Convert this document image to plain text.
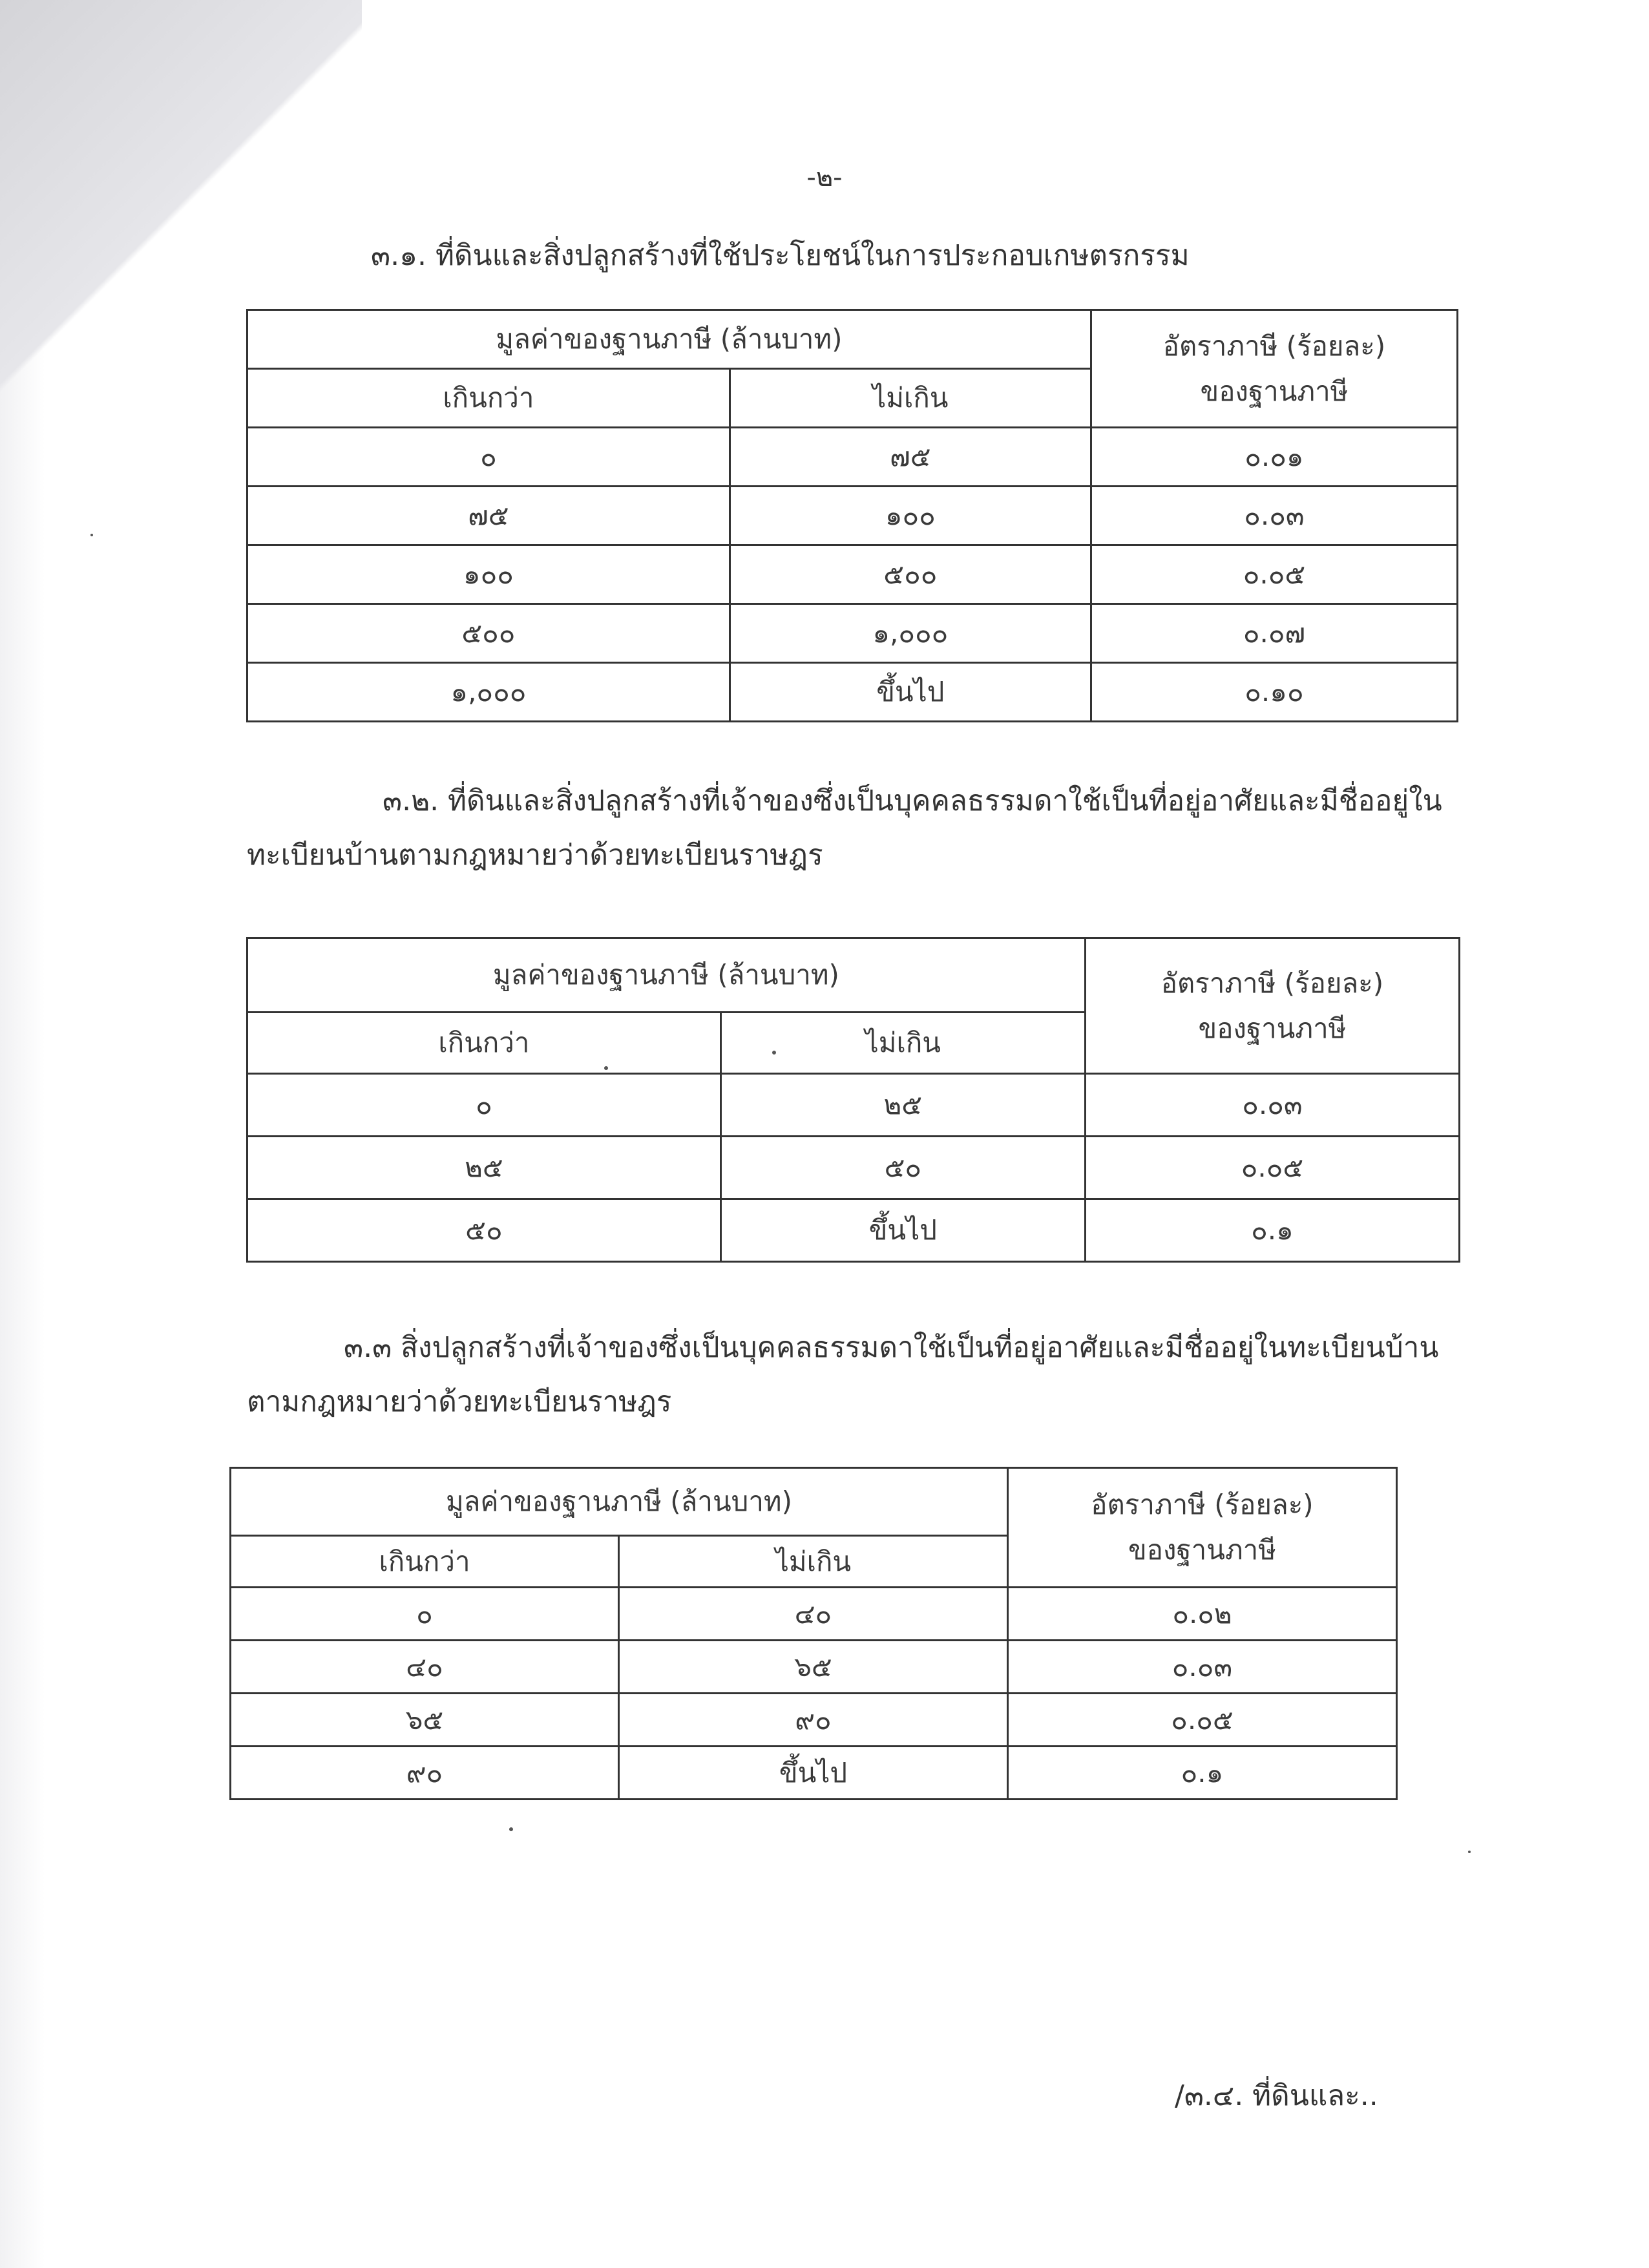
-๒-

๓.๑. ที่ดินและสิ่งปลูกสร้างที่ใช้ประโยชน์ในการประกอบเกษตรกรรม

มูลค่าของฐานภาษี (ล้านบาท)		อัตราภาษี (ร้อยละ)
ของฐานภาษี

เกินกว่า	ไม่เกิน	
๐	๗๕	๐.๐๑
๗๕	๑๐๐	๐.๐๓
๑๐๐	๕๐๐	๐.๐๕
๕๐๐	๑,๐๐๐	๐.๐๗
๑,๐๐๐	ขึ้นไป	๐.๑๐

๓.๒. ที่ดินและสิ่งปลูกสร้างที่เจ้าของซึ่งเป็นบุคคลธรรมดาใช้เป็นที่อยู่อาศัยและมีชื่ออยู่ในทะเบียนบ้านตามกฎหมายว่าด้วยทะเบียนราษฎร

มูลค่าของฐานภาษี (ล้านบาท)		อัตราภาษี (ร้อยละ)
ของฐานภาษี

เกินกว่า	ไม่เกิน	
๐	๒๕	๐.๐๓
๒๕	๕๐	๐.๐๕
๕๐	ขึ้นไป	๐.๑

๓.๓ สิ่งปลูกสร้างที่เจ้าของซึ่งเป็นบุคคลธรรมดาใช้เป็นที่อยู่อาศัยและมีชื่ออยู่ในทะเบียนบ้านตามกฎหมายว่าด้วยทะเบียนราษฎร

มูลค่าของฐานภาษี (ล้านบาท)		อัตราภาษี (ร้อยละ)
ของฐานภาษี

เกินกว่า	ไม่เกิน	
๐	๔๐	๐.๐๒
๔๐	๖๕	๐.๐๓
๖๕	๙๐	๐.๐๕
๙๐	ขึ้นไป	๐.๑
/๓.๔. ที่ดินและ..
